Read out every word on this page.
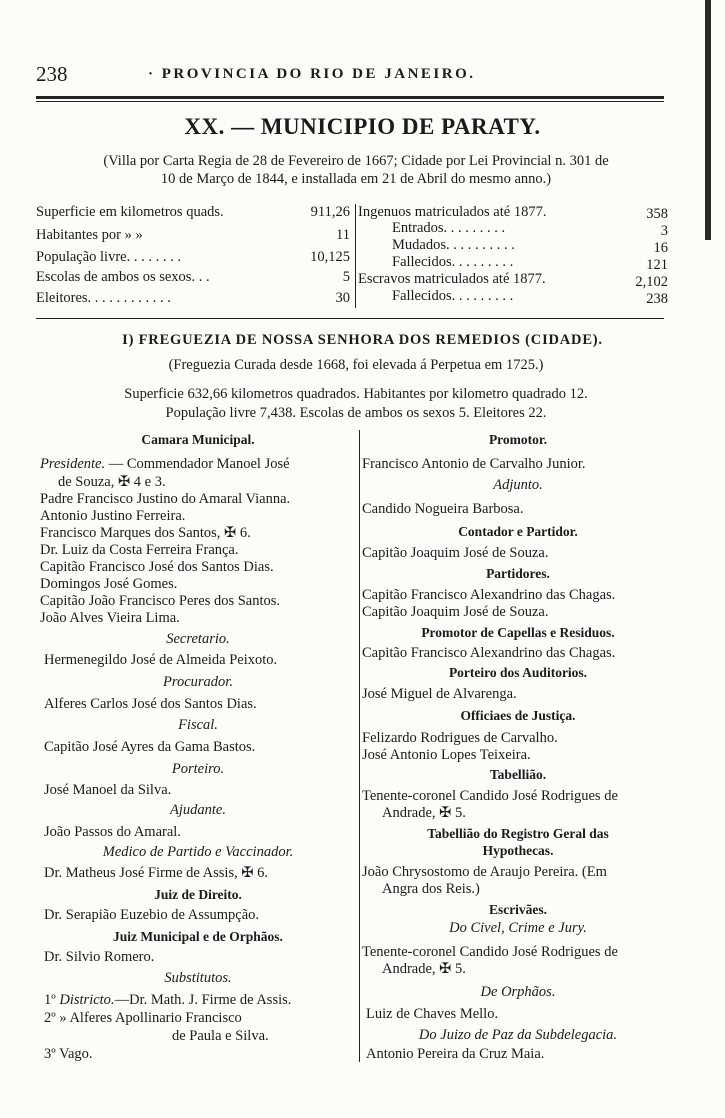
238	· PROVINCIA DO RIO DE JANEIRO.
XX. — MUNICIPIO DE PARATY.
(Villa por Carta Regia de 28 de Fevereiro de 1667; Cidade por Lei Provincial n. 301 de
10 de Março de 1844, e installada em 21 de Abril do mesmo anno.)
Superficie em kilometros quads.	911,26
Habitantes por » »	11
População livre. . . . . . . .	10,125
Escolas de ambos os sexos. . .	5
Eleitores. . . . . . . . . . . .	30
Ingenuos matriculados até 1877.	358
Entrados. . . . . . . . .	3
Mudados. . . . . . . . . .	16
Fallecidos. . . . . . . . .	121
Escravos matriculados até 1877.	2,102
Fallecidos. . . . . . . . .	238
I) FREGUEZIA DE NOSSA SENHORA DOS REMEDIOS (CIDADE).
(Freguezia Curada desde 1668, foi elevada á Perpetua em 1725.)
Superficie 632,66 kilometros quadrados. Habitantes por kilometro quadrado 12.
População livre 7,438. Escolas de ambos os sexos 5. Eleitores 22.
Camara Municipal.
Presidente. — Commendador Manoel José
de Souza, ✠ 4 e 3.
Padre Francisco Justino do Amaral Vianna.
Antonio Justino Ferreira.
Francisco Marques dos Santos, ✠ 6.
Dr. Luiz da Costa Ferreira França.
Capitão Francisco José dos Santos Dias.
Domingos José Gomes.
Capitão João Francisco Peres dos Santos.
João Alves Vieira Lima.
Secretario.
Hermenegildo José de Almeida Peixoto.
Procurador.
Alferes Carlos José dos Santos Dias.
Fiscal.
Capitão José Ayres da Gama Bastos.
Porteiro.
José Manoel da Silva.
Ajudante.
João Passos do Amaral.
Medico de Partido e Vaccinador.
Dr. Matheus José Firme de Assis, ✠ 6.
Juiz de Direito.
Dr. Serapião Euzebio de Assumpção.
Juiz Municipal e de Orphãos.
Dr. Silvio Romero.
Substitutos.
1º Districto.—Dr. Math. J. Firme de Assis.
2º » Alferes Apollinario Francisco
de Paula e Silva.
3º Vago.
Promotor.
Francisco Antonio de Carvalho Junior.
Adjunto.
Candido Nogueira Barbosa.
Contador e Partidor.
Capitão Joaquim José de Souza.
Partidores.
Capitão Francisco Alexandrino das Chagas.
Capitão Joaquim José de Souza.
Promotor de Capellas e Residuos.
Capitão Francisco Alexandrino das Chagas.
Porteiro dos Auditorios.
José Miguel de Alvarenga.
Officiaes de Justiça.
Felizardo Rodrigues de Carvalho.
José Antonio Lopes Teixeira.
Tabellião.
Tenente-coronel Candido José Rodrigues de
Andrade, ✠ 5.
Tabellião do Registro Geral das
Hypothecas.
João Chrysostomo de Araujo Pereira. (Em
Angra dos Reis.)
Escrivães.
Do Civel, Crime e Jury.
Tenente-coronel Candido José Rodrigues de
Andrade, ✠ 5.
De Orphãos.
Luiz de Chaves Mello.
Do Juizo de Paz da Subdelegacia.
Antonio Pereira da Cruz Maia.
